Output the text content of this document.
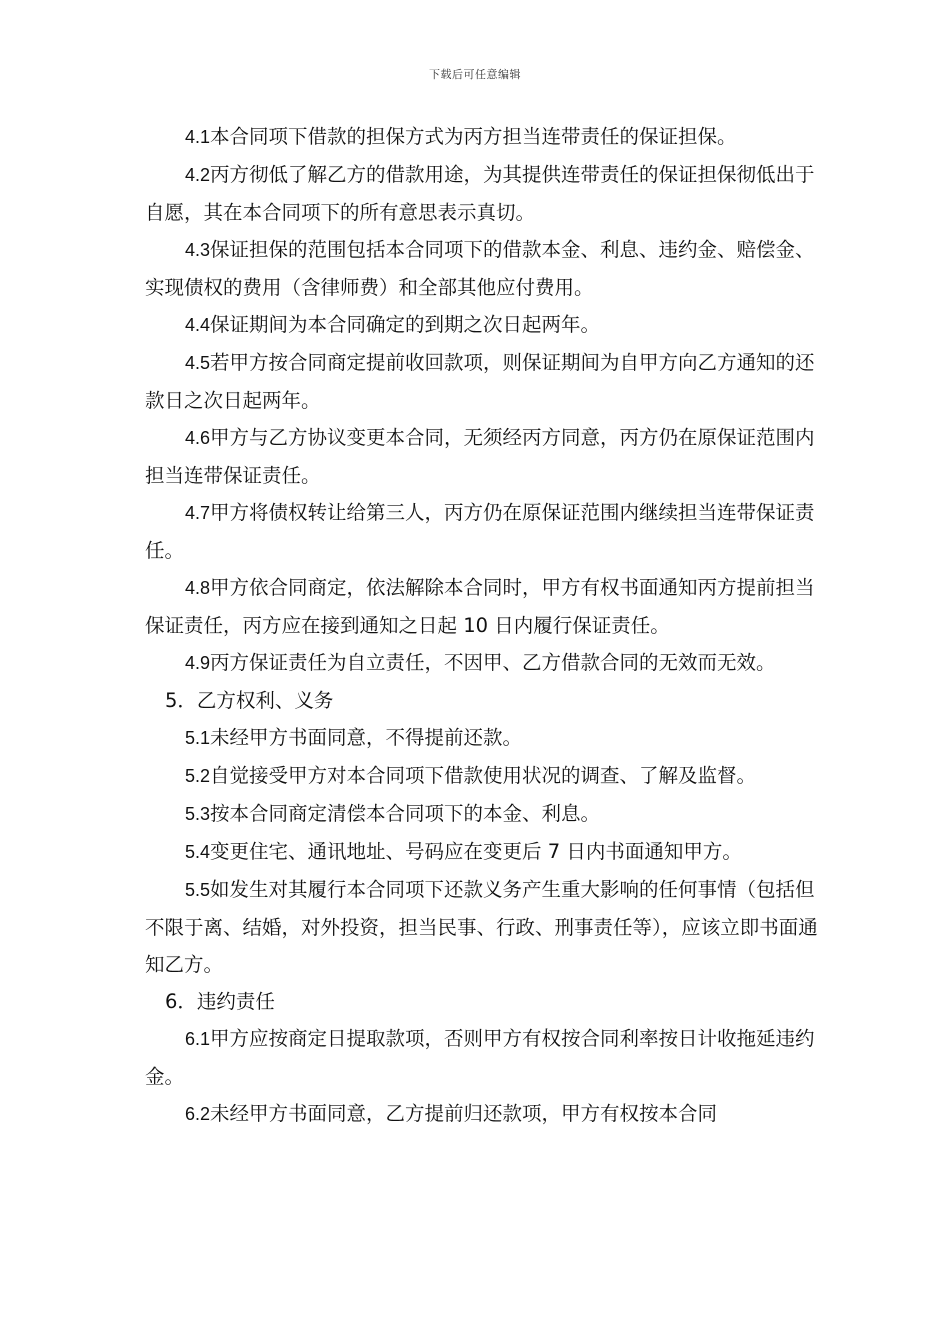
下载后可任意编辑

4.1本合同项下借款的担保方式为丙方担当连带责任的保证担保。

4.2丙方彻低了解乙方的借款用途，为其提供连带责任的保证担保彻低出于自愿，其在本合同项下的所有意思表示真切。

4.3保证担保的范围包括本合同项下的借款本金、利息、违约金、赔偿金、实现债权的费用（含律师费）和全部其他应付费用。

4.4保证期间为本合同确定的到期之次日起两年。

4.5若甲方按合同商定提前收回款项，则保证期间为自甲方向乙方通知的还款日之次日起两年。

4.6甲方与乙方协议变更本合同，无须经丙方同意，丙方仍在原保证范围内担当连带保证责任。

4.7甲方将债权转让给第三人，丙方仍在原保证范围内继续担当连带保证责任。

4.8甲方依合同商定，依法解除本合同时，甲方有权书面通知丙方提前担当保证责任，丙方应在接到通知之日起 10 日内履行保证责任。

4.9丙方保证责任为自立责任，不因甲、乙方借款合同的无效而无效。

5．乙方权利、义务

5.1未经甲方书面同意，不得提前还款。

5.2自觉接受甲方对本合同项下借款使用状况的调查、了解及监督。

5.3按本合同商定清偿本合同项下的本金、利息。

5.4变更住宅、通讯地址、号码应在变更后 7 日内书面通知甲方。

5.5如发生对其履行本合同项下还款义务产生重大影响的任何事情（包括但不限于离、结婚，对外投资，担当民事、行政、刑事责任等），应该立即书面通知乙方。

6．违约责任

6.1甲方应按商定日提取款项，否则甲方有权按合同利率按日计收拖延违约金。

6.2未经甲方书面同意，乙方提前归还款项，甲方有权按本合同
